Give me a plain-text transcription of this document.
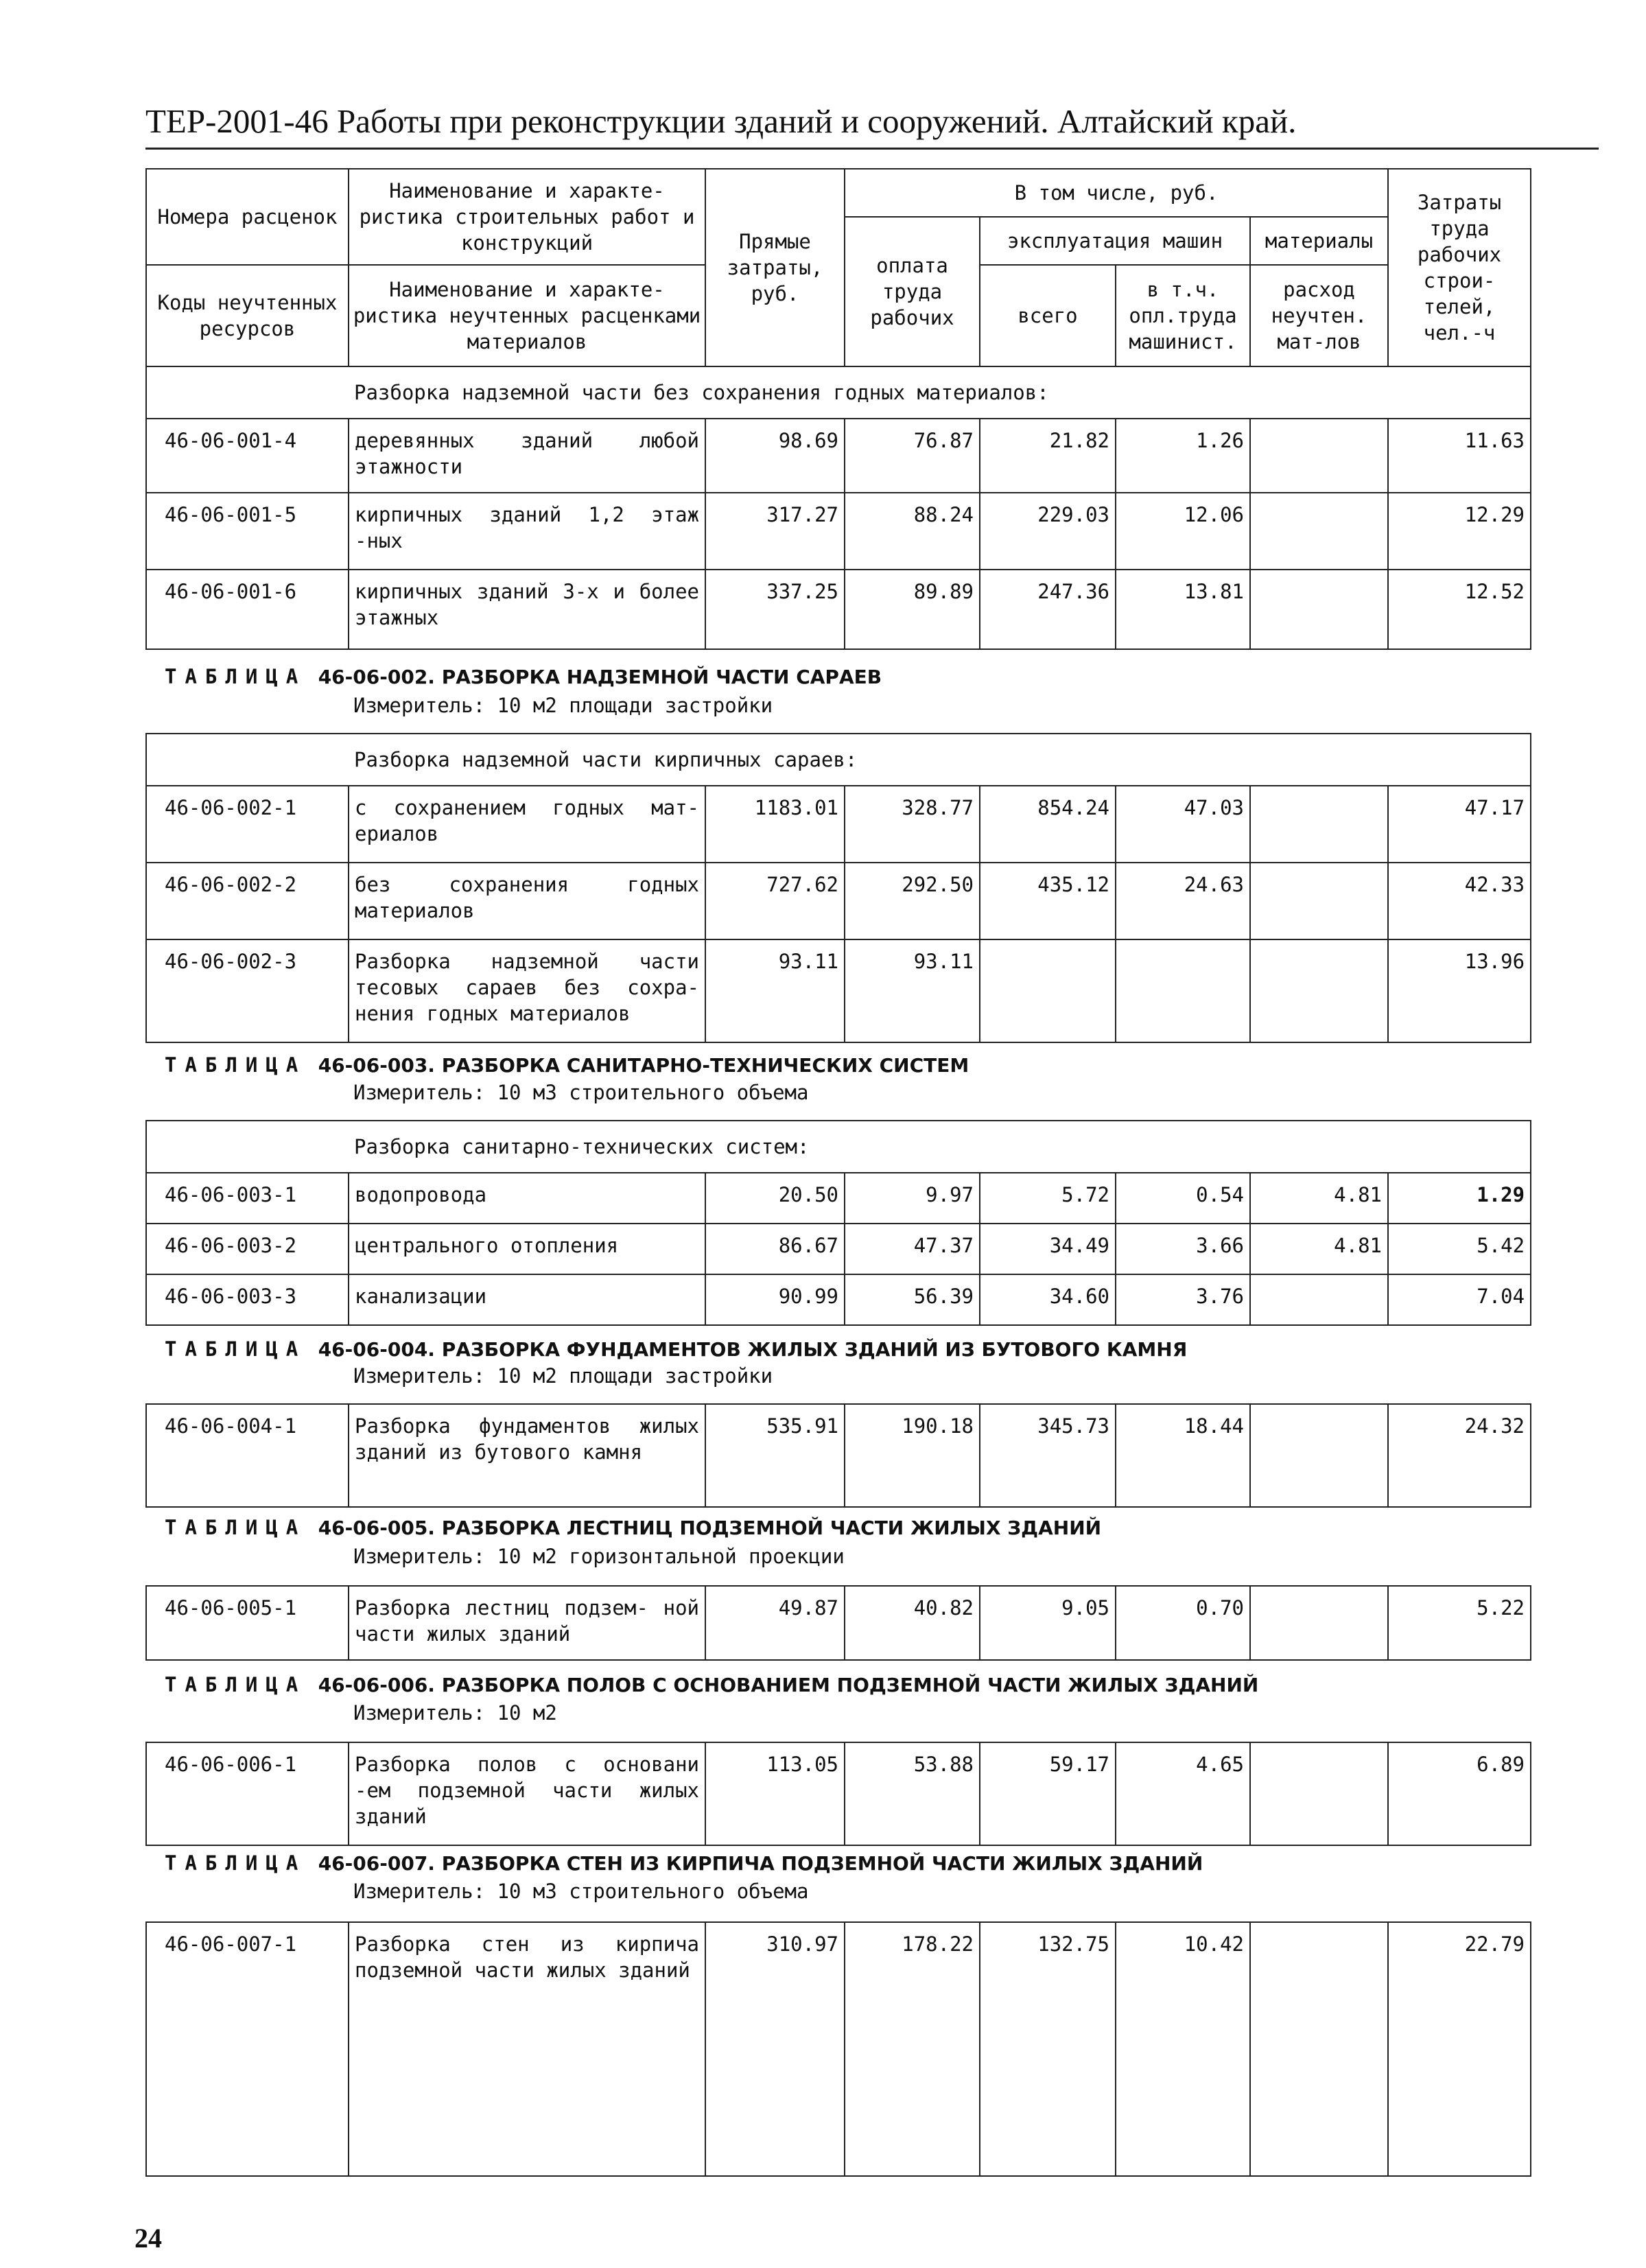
ТЕР-2001-46 Работы при реконструкции зданий и сооружений. Алтайский край.
Номера расценок	Наименование и характе- ристика строительных работ и конструкций	Прямые затраты, руб.	В том числе, руб.				Затраты труда рабочих строи- телей, чел.-ч
			оплата труда рабочих	эксплуатация машин		материалы	
Коды неучтенных ресурсов	Наименование и характе- ристика неучтенных расценками материалов			всего	в т.ч. опл.труда машинист.	расход неучтен. мат-лов	

Разборка надземной части без сохранения годных материалов:							
46-06-001-4	деревянных зданий любой этажности	98.69	76.87	21.82	1.26		11.63
46-06-001-5	кирпичных зданий 1,2 этаж -ных	317.27	88.24	229.03	12.06		12.29
46-06-001-6	кирпичных зданий 3-х и более этажных	337.25	89.89	247.36	13.81		12.52
ТАБЛИЦА 46-06-002. РАЗБОРКА НАДЗЕМНОЙ ЧАСТИ САРАЕВ
Измеритель: 10 м2 площади застройки
Разборка надземной части кирпичных сараев:							
46-06-002-1	с сохранением годных мат- ериалов	1183.01	328.77	854.24	47.03		47.17
46-06-002-2	без сохранения годных материалов	727.62	292.50	435.12	24.63		42.33
46-06-002-3	Разборка надземной части тесовых сараев без сохра- нения годных материалов	93.11	93.11				13.96
ТАБЛИЦА 46-06-003. РАЗБОРКА САНИТАРНО-ТЕХНИЧЕСКИХ СИСТЕМ
Измеритель: 10 м3 строительного объема
Разборка санитарно-технических систем:							
46-06-003-1	водопровода	20.50	9.97	5.72	0.54	4.81	1.29
46-06-003-2	центрального отопления	86.67	47.37	34.49	3.66	4.81	5.42
46-06-003-3	канализации	90.99	56.39	34.60	3.76		7.04
ТАБЛИЦА 46-06-004. РАЗБОРКА ФУНДАМЕНТОВ ЖИЛЫХ ЗДАНИЙ ИЗ БУТОВОГО КАМНЯ
Измеритель: 10 м2 площади застройки
46-06-004-1	Разборка фундаментов жилых зданий из бутового камня	535.91	190.18	345.73	18.44		24.32
ТАБЛИЦА 46-06-005. РАЗБОРКА ЛЕСТНИЦ ПОДЗЕМНОЙ ЧАСТИ ЖИЛЫХ ЗДАНИЙ
Измеритель: 10 м2 горизонтальной проекции
46-06-005-1	Разборка лестниц подзем- ной части жилых зданий	49.87	40.82	9.05	0.70		5.22
ТАБЛИЦА 46-06-006. РАЗБОРКА ПОЛОВ С ОСНОВАНИЕМ ПОДЗЕМНОЙ ЧАСТИ ЖИЛЫХ ЗДАНИЙ
Измеритель: 10 м2
46-06-006-1	Разборка полов с основани -ем подземной части жилых зданий	113.05	53.88	59.17	4.65		6.89
ТАБЛИЦА 46-06-007. РАЗБОРКА СТЕН ИЗ КИРПИЧА ПОДЗЕМНОЙ ЧАСТИ ЖИЛЫХ ЗДАНИЙ
Измеритель: 10 м3 строительного объема
46-06-007-1	Разборка стен из кирпича подземной части жилых зданий	310.97	178.22	132.75	10.42		22.79
24
